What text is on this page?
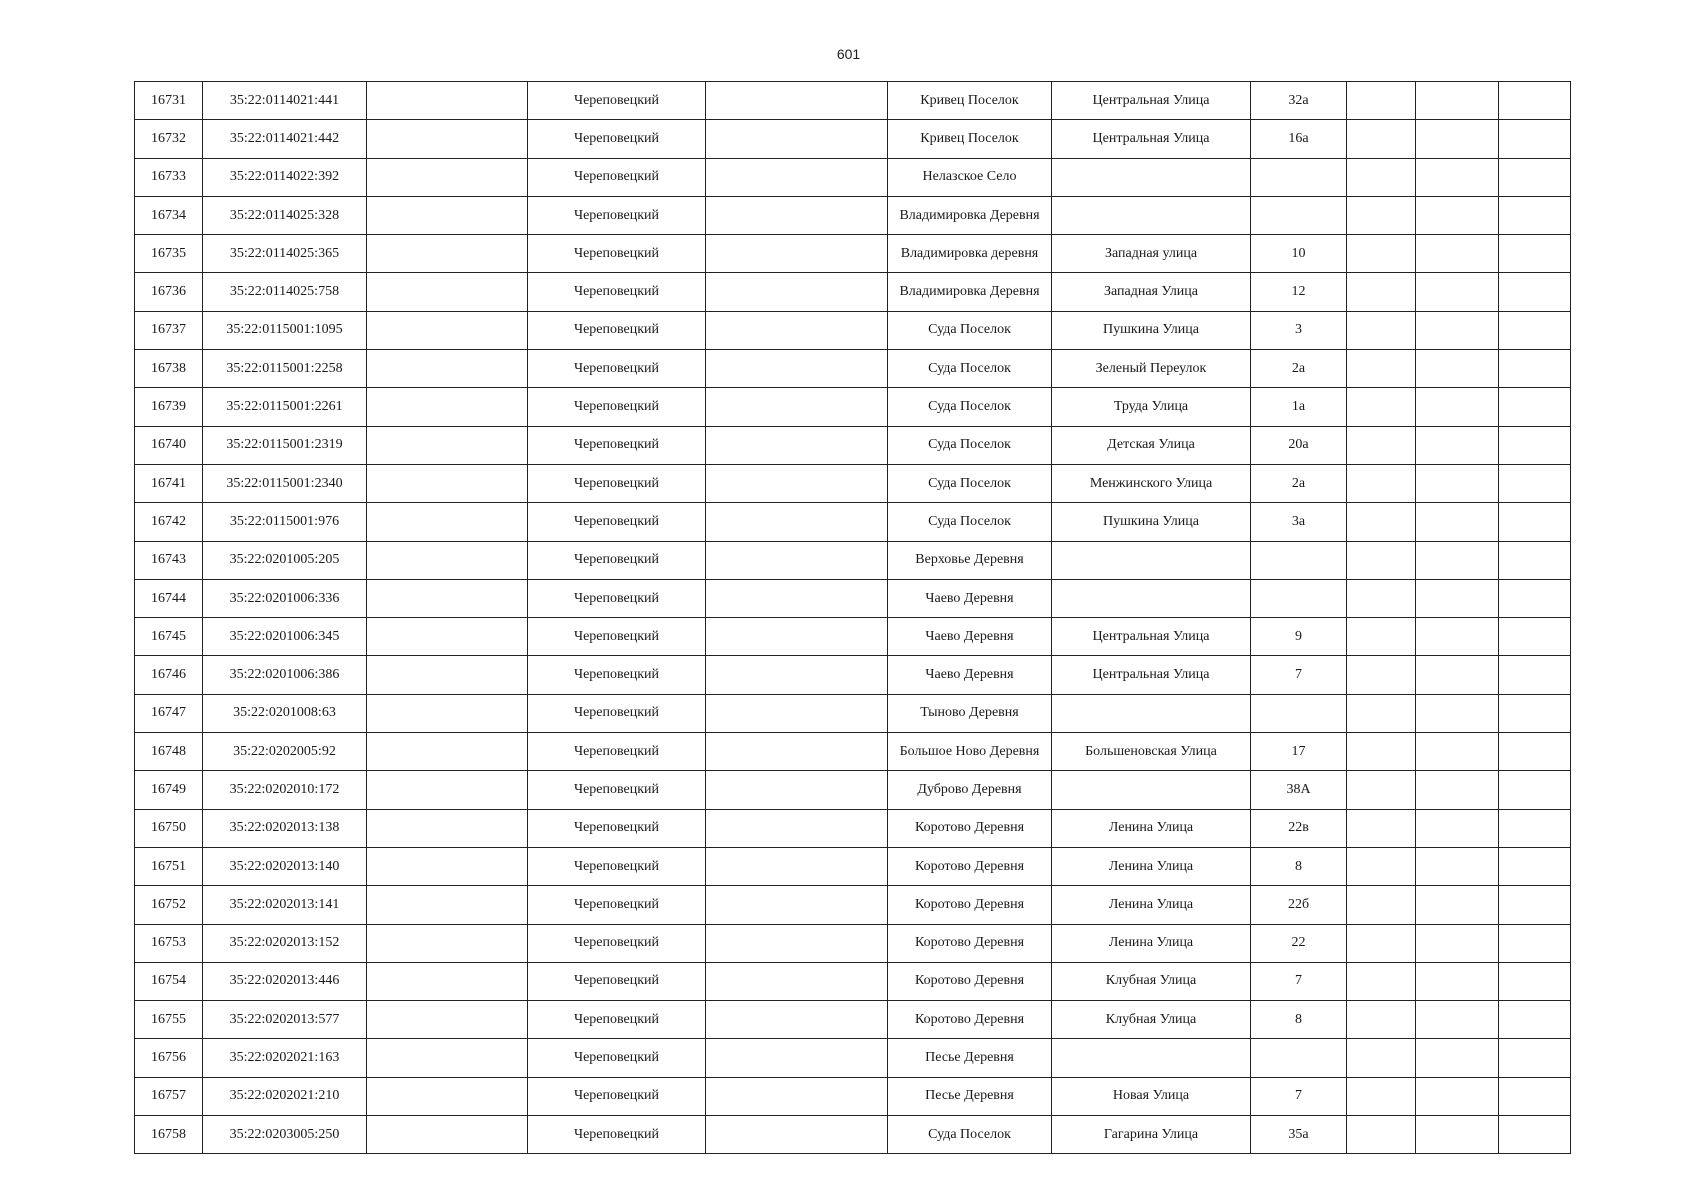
601
16731	35:22:0114021:441		Череповецкий		Кривец Поселок	Центральная Улица	32а			
16732	35:22:0114021:442		Череповецкий		Кривец Поселок	Центральная Улица	16а			
16733	35:22:0114022:392		Череповецкий		Нелазское Село					
16734	35:22:0114025:328		Череповецкий		Владимировка Деревня					
16735	35:22:0114025:365		Череповецкий		Владимировка деревня	Западная улица	10			
16736	35:22:0114025:758		Череповецкий		Владимировка Деревня	Западная Улица	12			
16737	35:22:0115001:1095		Череповецкий		Суда Поселок	Пушкина Улица	3			
16738	35:22:0115001:2258		Череповецкий		Суда Поселок	Зеленый Переулок	2а			
16739	35:22:0115001:2261		Череповецкий		Суда Поселок	Труда Улица	1а			
16740	35:22:0115001:2319		Череповецкий		Суда Поселок	Детская Улица	20а			
16741	35:22:0115001:2340		Череповецкий		Суда Поселок	Менжинского Улица	2а			
16742	35:22:0115001:976		Череповецкий		Суда Поселок	Пушкина Улица	3а			
16743	35:22:0201005:205		Череповецкий		Верховье Деревня					
16744	35:22:0201006:336		Череповецкий		Чаево Деревня					
16745	35:22:0201006:345		Череповецкий		Чаево Деревня	Центральная Улица	9			
16746	35:22:0201006:386		Череповецкий		Чаево Деревня	Центральная Улица	7			
16747	35:22:0201008:63		Череповецкий		Тыново Деревня					
16748	35:22:0202005:92		Череповецкий		Большое Ново Деревня	Большеновская Улица	17			
16749	35:22:0202010:172		Череповецкий		Дуброво Деревня		38А			
16750	35:22:0202013:138		Череповецкий		Коротово Деревня	Ленина Улица	22в			
16751	35:22:0202013:140		Череповецкий		Коротово Деревня	Ленина Улица	8			
16752	35:22:0202013:141		Череповецкий		Коротово Деревня	Ленина Улица	22б			
16753	35:22:0202013:152		Череповецкий		Коротово Деревня	Ленина Улица	22			
16754	35:22:0202013:446		Череповецкий		Коротово Деревня	Клубная Улица	7			
16755	35:22:0202013:577		Череповецкий		Коротово Деревня	Клубная Улица	8			
16756	35:22:0202021:163		Череповецкий		Песье Деревня					
16757	35:22:0202021:210		Череповецкий		Песье Деревня	Новая Улица	7			
16758	35:22:0203005:250		Череповецкий		Суда Поселок	Гагарина Улица	35а			
